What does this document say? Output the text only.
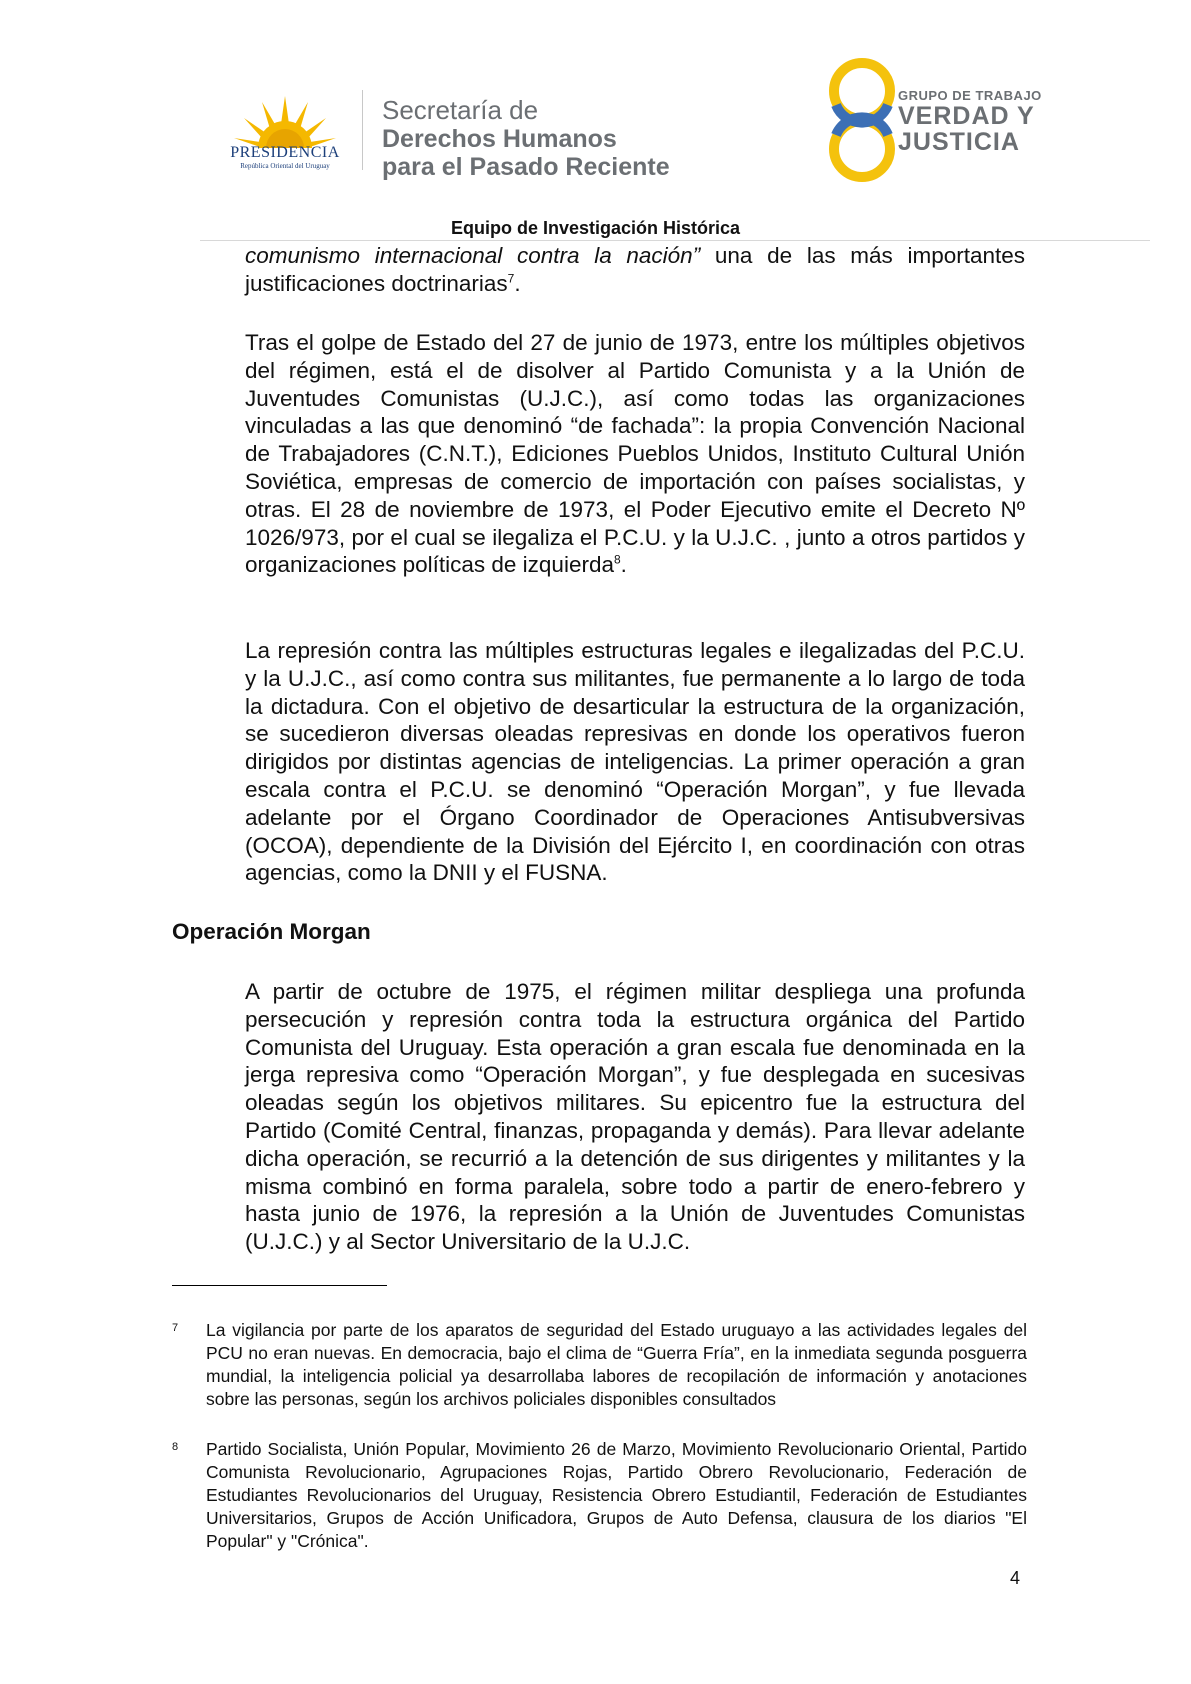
PRESIDENCIA
República Oriental del Uruguay
Secretaría de
Derechos Humanos
para el Pasado Reciente
GRUPO DE TRABAJO
VERDAD Y
JUSTICIA
Equipo de Investigación Histórica
comunismo internacional contra la nación” una de las más importantes justificaciones doctrinarias$^7$.
Tras el golpe de Estado del 27 de junio de 1973, entre los múltiples objetivos del régimen, está el de disolver al Partido Comunista y a la Unión de Juventudes Comunistas (U.J.C.), así como todas las organizaciones vinculadas a las que denominó “de fachada”: la propia Convención Nacional de Trabajadores (C.N.T.), Ediciones Pueblos Unidos, Instituto Cultural Unión Soviética, empresas de comercio de importación con países socialistas, y otras. El 28 de noviembre de 1973, el Poder Ejecutivo emite el Decreto Nº 1026/973, por el cual se ilegaliza el P.C.U. y la U.J.C. , junto a otros partidos y organizaciones políticas de izquierda$^8$.
La represión contra las múltiples estructuras legales e ilegalizadas del P.C.U. y la U.J.C., así como contra sus militantes, fue permanente a lo largo de toda la dictadura. Con el objetivo de desarticular la estructura de la organización, se sucedieron diversas oleadas represivas en donde los operativos fueron dirigidos por distintas agencias de inteligencias. La primer operación a gran escala contra el P.C.U. se denominó “Operación Morgan”, y fue llevada adelante por el Órgano Coordinador de Operaciones Antisubversivas (OCOA), dependiente de la División del Ejército I, en coordinación con otras agencias, como la DNII y el FUSNA.
Operación Morgan
A partir de octubre de 1975, el régimen militar despliega una profunda persecución y represión contra toda la estructura orgánica del Partido Comunista del Uruguay. Esta operación a gran escala fue denominada en la jerga represiva como “Operación Morgan”, y fue desplegada en sucesivas oleadas según los objetivos militares. Su epicentro fue la estructura del Partido (Comité Central, finanzas, propaganda y demás). Para llevar adelante dicha operación, se recurrió a la detención de sus dirigentes y militantes y la misma combinó en forma paralela, sobre todo a partir de enero-febrero y hasta junio de 1976, la represión a la Unión de Juventudes Comunistas (U.J.C.) y al Sector Universitario de la U.J.C.
7 La vigilancia por parte de los aparatos de seguridad del Estado uruguayo a las actividades legales del PCU no eran nuevas. En democracia, bajo el clima de “Guerra Fría”, en la inmediata segunda posguerra mundial, la inteligencia policial ya desarrollaba labores de recopilación de información y anotaciones sobre las personas, según los archivos policiales disponibles consultados
8 Partido Socialista, Unión Popular, Movimiento 26 de Marzo, Movimiento Revolucionario Oriental, Partido Comunista Revolucionario, Agrupaciones Rojas, Partido Obrero Revolucionario, Federación de Estudiantes Revolucionarios del Uruguay, Resistencia Obrero Estudiantil, Federación de Estudiantes Universitarios, Grupos de Acción Unificadora, Grupos de Auto Defensa, clausura de los diarios "El Popular" y "Crónica".
4
